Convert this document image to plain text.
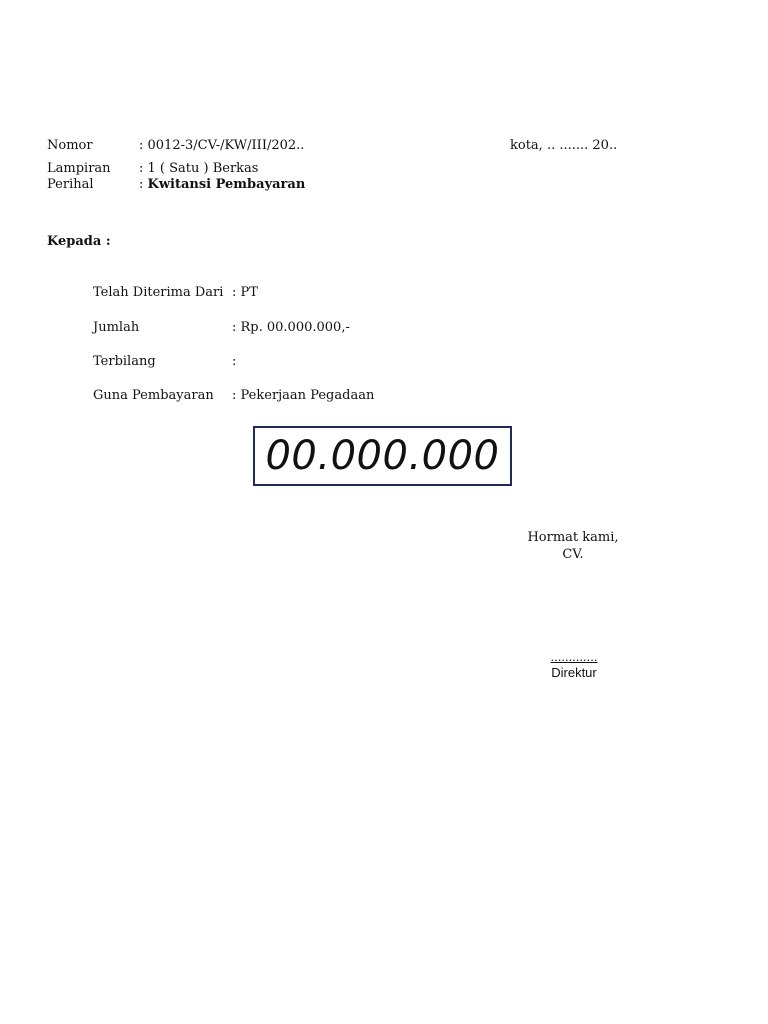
Nomor	: 0012-3/CV-/KW/III/202..	kota, .. ....... 20..
Lampiran : 1 ( Satu ) Berkas
Perihal	: Kwitansi Pembayaran
Kepada :
Telah Diterima Dari : PT
Jumlah	: Rp. 00.000.000,-
Terbilang	:
Guna Pembayaran : Pekerjaan Pegadaan
00.000.000
Hormat kami,
CV.
.............
Direktur
